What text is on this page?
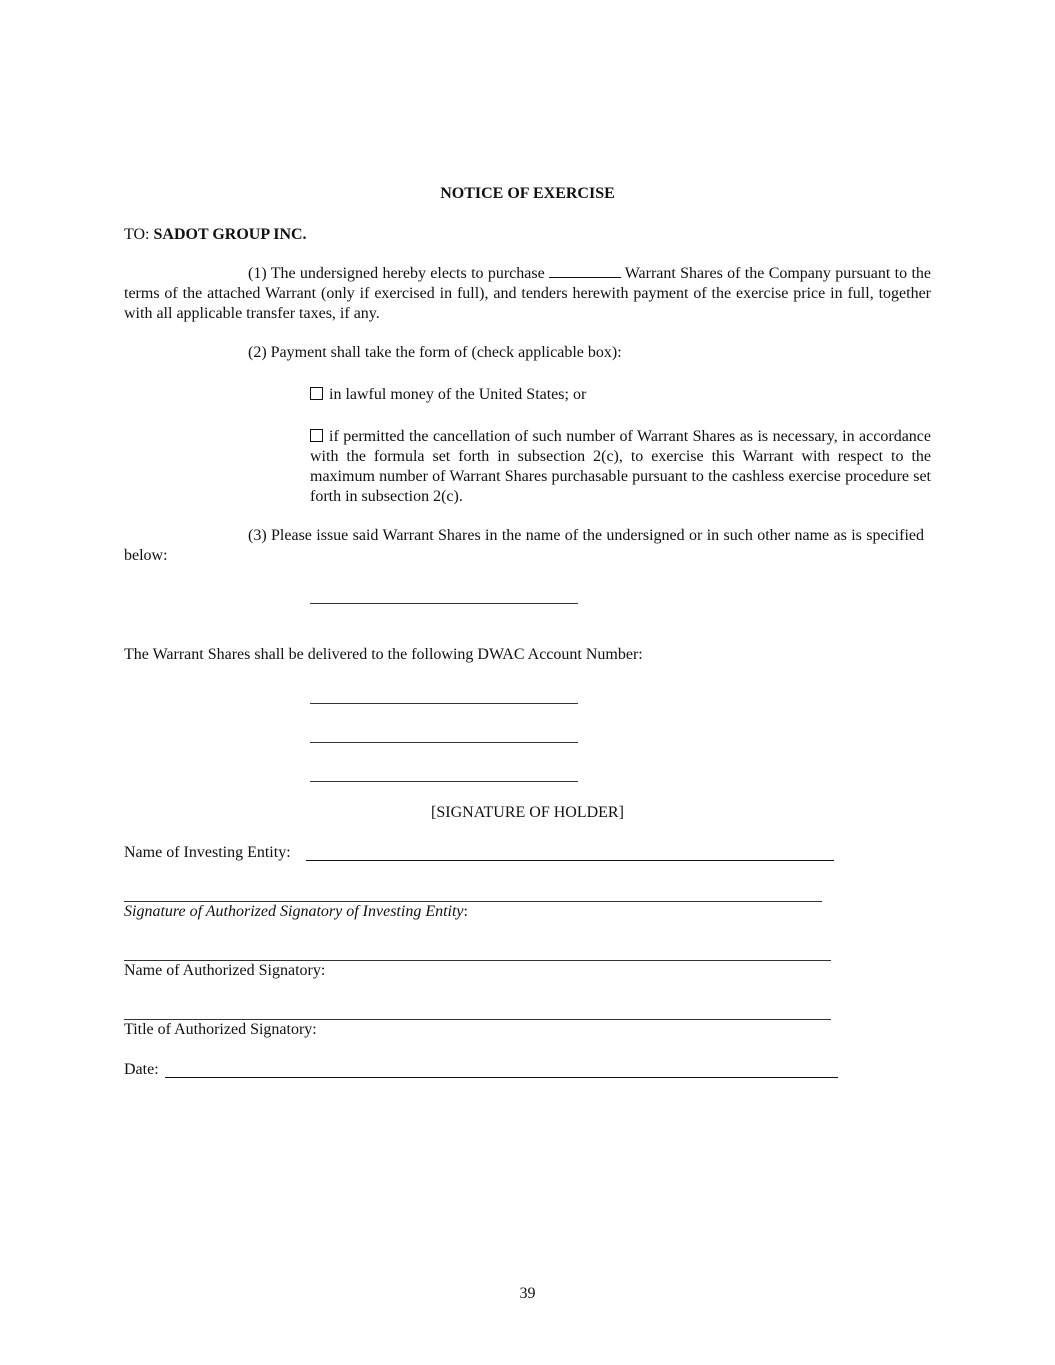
NOTICE OF EXERCISE
TO: SADOT GROUP INC.
(1) The undersigned hereby elects to purchase	Warrant Shares of the Company pursuant to the terms of the attached Warrant (only if exercised in full), and tenders herewith payment of the exercise price in full, together with all applicable transfer taxes, if any.
(2) Payment shall take the form of (check applicable box):
in lawful money of the United States; or
if permitted the cancellation of such number of Warrant Shares as is necessary, in accordance with the formula set forth in subsection 2(c), to exercise this Warrant with respect to the maximum number of Warrant Shares purchasable pursuant to the cashless exercise procedure set forth in subsection 2(c).
(3) Please issue said Warrant Shares in the name of the undersigned or in such other name as is specified below:
The Warrant Shares shall be delivered to the following DWAC Account Number:
[SIGNATURE OF HOLDER]
Name of Investing Entity:
Signature of Authorized Signatory of Investing Entity:
Name of Authorized Signatory:
Title of Authorized Signatory:
Date:
39
